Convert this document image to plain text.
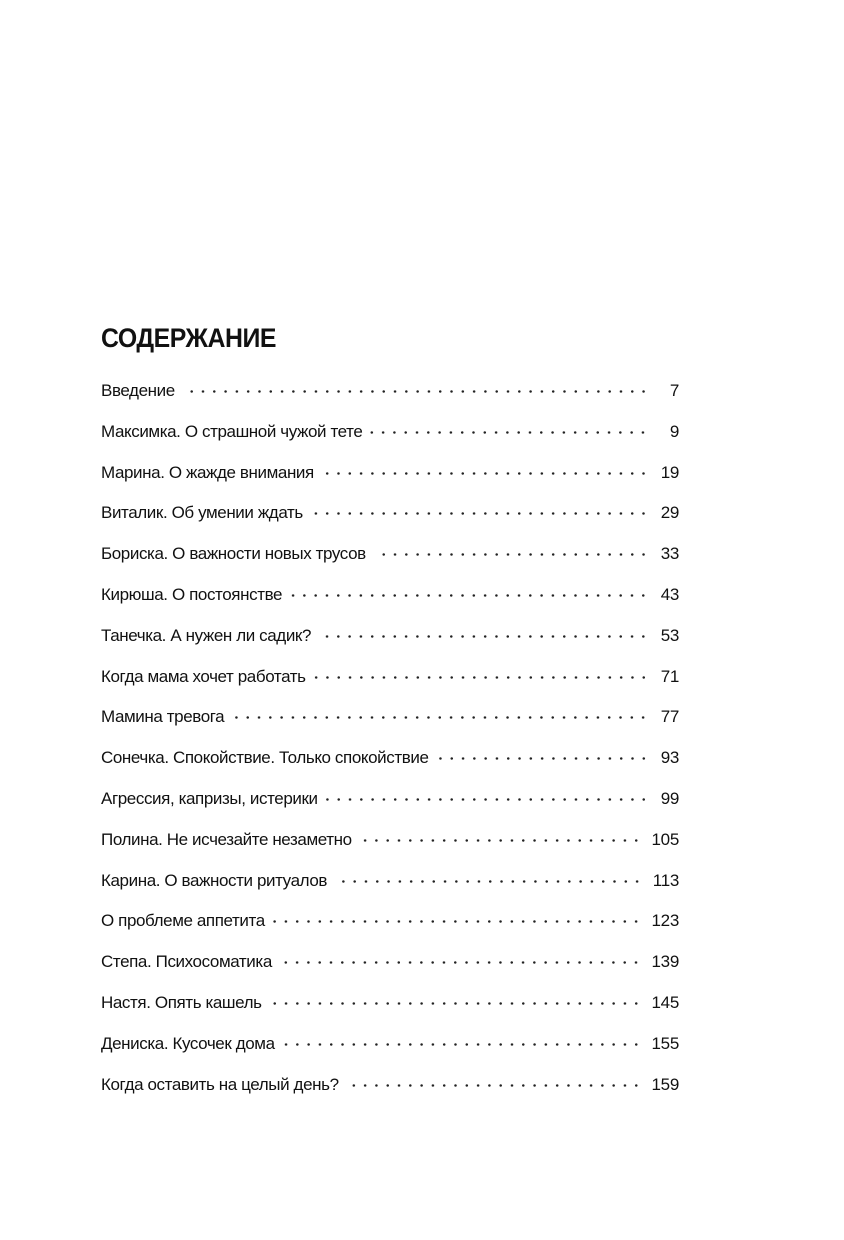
СОДЕРЖАНИЕ
Введение	7
Максимка. О страшной чужой тете	9
Марина. О жажде внимания	19
Виталик. Об умении ждать	29
Бориска. О важности новых трусов	33
Кирюша. О постоянстве	43
Танечка. А нужен ли садик?	53
Когда мама хочет работать	71
Мамина тревога	77
Сонечка. Спокойствие. Только спокойствие	93
Агрессия, капризы, истерики	99
Полина. Не исчезайте незаметно	105
Карина. О важности ритуалов	113
О проблеме аппетита	123
Степа. Психосоматика	139
Настя. Опять кашель	145
Дениска. Кусочек дома	155
Когда оставить на целый день?	159
